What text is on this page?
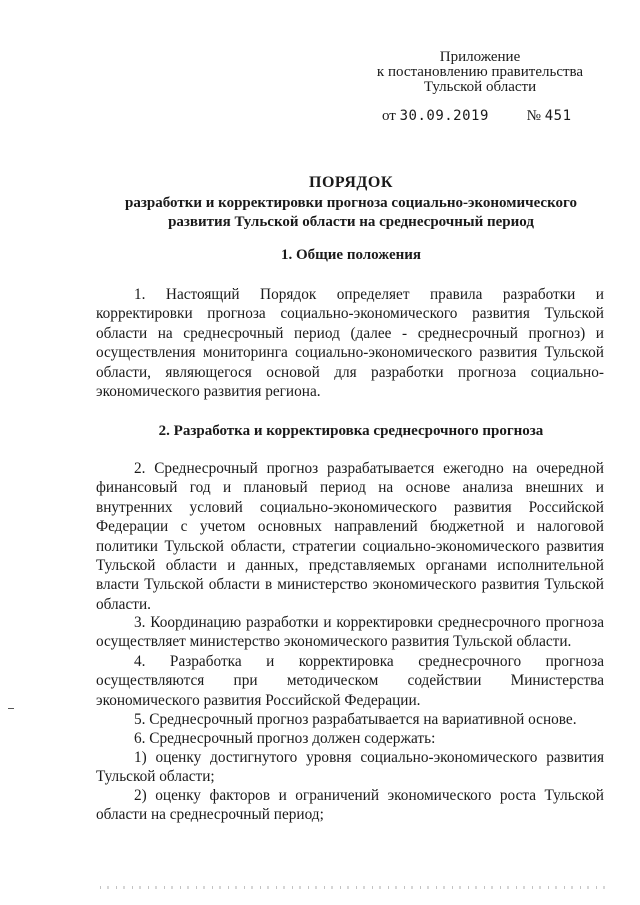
Приложение
к постановлению правительства
Тульской области
от 30.09.2019	№ 451
ПОРЯДОК
разработки и корректировки прогноза социально-экономического
развития Тульской области на среднесрочный период
1. Общие положения

1. Настоящий Порядок определяет правила разработки и корректировки прогноза социально-экономического развития Тульской области на среднесрочный период (далее - среднесрочный прогноз) и осуществления мониторинга социально-экономического развития Тульской области, являющегося основой для разработки прогноза социально-экономического развития региона.

2. Разработка и корректировка среднесрочного прогноза

2. Среднесрочный прогноз разрабатывается ежегодно на очередной финансовый год и плановый период на основе анализа внешних и внутренних условий социально-экономического развития Российской Федерации с учетом основных направлений бюджетной и налоговой политики Тульской области, стратегии социально-экономического развития Тульской области и данных, представляемых органами исполнительной власти Тульской области в министерство экономического развития Тульской области.

3. Координацию разработки и корректировки среднесрочного прогноза осуществляет министерство экономического развития Тульской области.

4. Разработка и корректировка среднесрочного прогноза осуществляются при методическом содействии Министерства экономического развития Российской Федерации.

5. Среднесрочный прогноз разрабатывается на вариативной основе.

6. Среднесрочный прогноз должен содержать:

1) оценку достигнутого уровня социально-экономического развития Тульской области;

2) оценку факторов и ограничений экономического роста Тульской области на среднесрочный период;
